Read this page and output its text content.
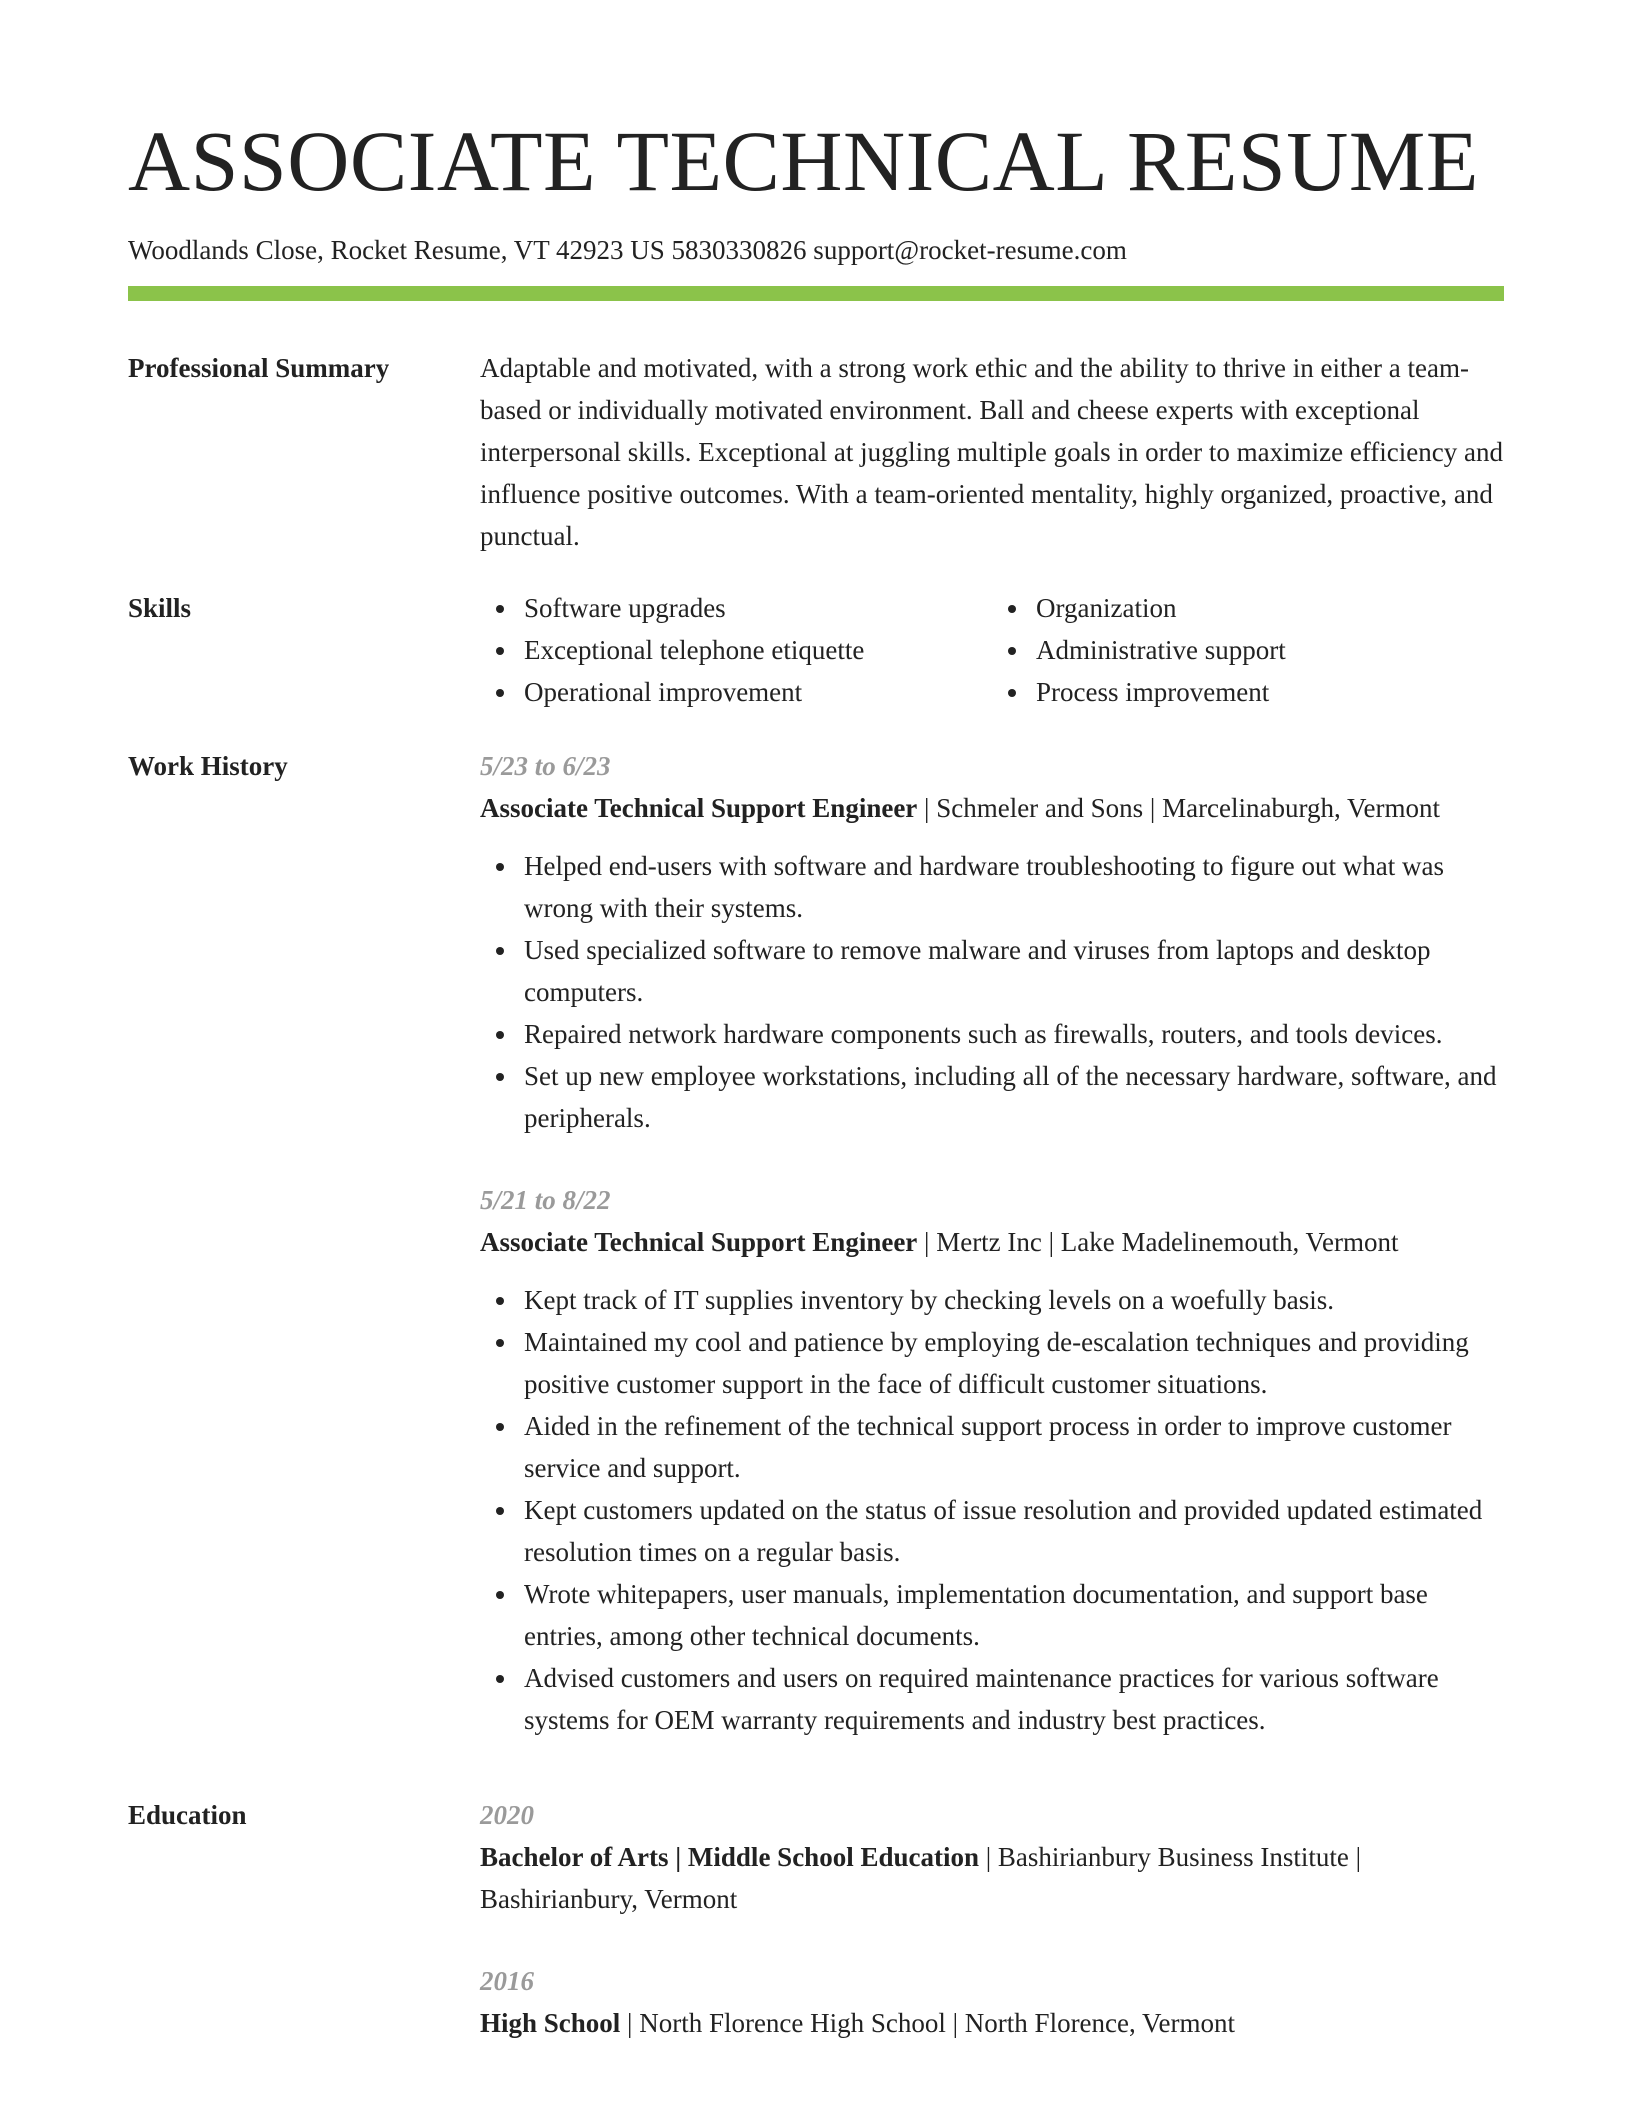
ASSOCIATE TECHNICAL RESUME
Woodlands Close, Rocket Resume, VT 42923 US 5830330826 support@rocket-resume.com
Professional Summary	Adaptable and motivated, with a strong work ethic and the ability to thrive in either a team-based or individually motivated environment. Ball and cheese experts with exceptional interpersonal skills. Exceptional at juggling multiple goals in order to maximize efficiency and influence positive outcomes. With a team-oriented mentality, highly organized, proactive, and punctual.

Skills	Software upgrades
Exceptional telephone etiquette
Operational improvement
Organization
Administrative support
Process improvement
Work History	5/23 to 6/23
Associate Technical Support Engineer | Schmeler and Sons | Marcelinaburgh, Vermont
Helped end-users with software and hardware troubleshooting to figure out what was wrong with their systems.
Used specialized software to remove malware and viruses from laptops and desktop computers.
Repaired network hardware components such as firewalls, routers, and tools devices.
Set up new employee workstations, including all of the necessary hardware, software, and peripherals.
5/21 to 8/22
Associate Technical Support Engineer | Mertz Inc | Lake Madelinemouth, Vermont
Kept track of IT supplies inventory by checking levels on a woefully basis.
Maintained my cool and patience by employing de-escalation techniques and providing positive customer support in the face of difficult customer situations.
Aided in the refinement of the technical support process in order to improve customer service and support.
Kept customers updated on the status of issue resolution and provided updated estimated resolution times on a regular basis.
Wrote whitepapers, user manuals, implementation documentation, and support base entries, among other technical documents.
Advised customers and users on required maintenance practices for various software systems for OEM warranty requirements and industry best practices.
Education	2020
Bachelor of Arts | Middle School Education | Bashirianbury Business Institute | Bashirianbury, Vermont
2016
High School | North Florence High School | North Florence, Vermont
